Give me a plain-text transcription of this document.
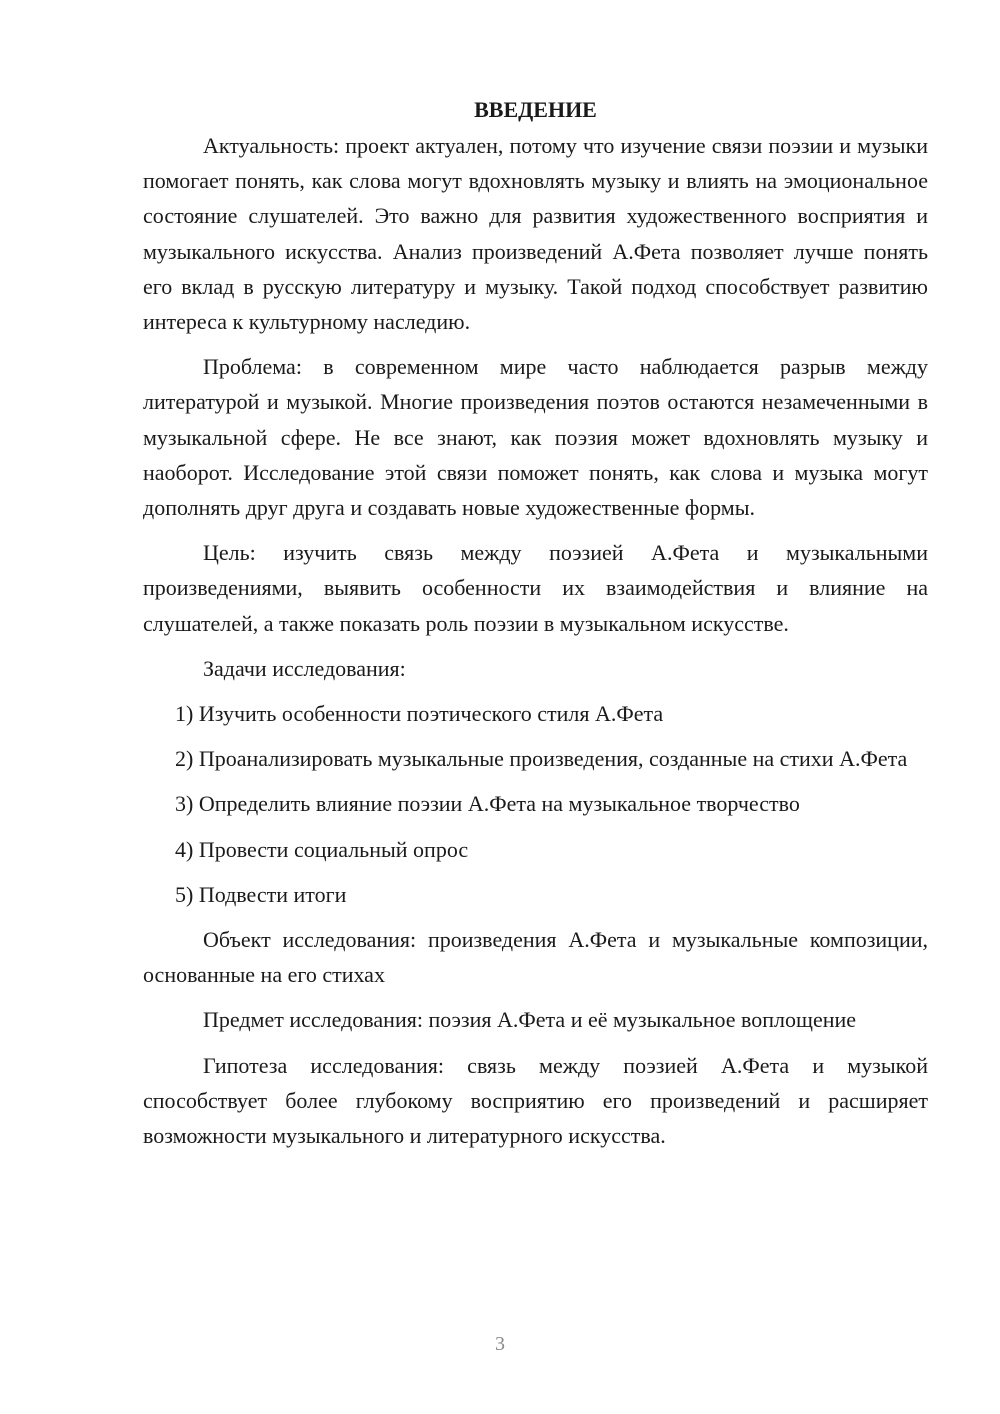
ВВЕДЕНИЕ

Актуальность: проект актуален, потому что изучение связи поэзии и музыки помогает понять, как слова могут вдохновлять музыку и влиять на эмоциональное состояние слушателей. Это важно для развития художественного восприятия и музыкального искусства. Анализ произведений А.Фета позволяет лучше понять его вклад в русскую литературу и музыку. Такой подход способствует развитию интереса к культурному наследию.

Проблема: в современном мире часто наблюдается разрыв между литературой и музыкой. Многие произведения поэтов остаются незамеченными в музыкальной сфере. Не все знают, как поэзия может вдохновлять музыку и наоборот. Исследование этой связи поможет понять, как слова и музыка могут дополнять друг друга и создавать новые художественные формы.

Цель: изучить связь между поэзией А.Фета и музыкальными произведениями, выявить особенности их взаимодействия и влияние на слушателей, а также показать роль поэзии в музыкальном искусстве.

Задачи исследования:

1) Изучить особенности поэтического стиля А.Фета

2) Проанализировать музыкальные произведения, созданные на стихи А.Фета

3) Определить влияние поэзии А.Фета на музыкальное творчество

4) Провести социальный опрос

5) Подвести итоги

Объект исследования: произведения А.Фета и музыкальные композиции, основанные на его стихах

Предмет исследования: поэзия А.Фета и её музыкальное воплощение

Гипотеза исследования: связь между поэзией А.Фета и музыкой способствует более глубокому восприятию его произведений и расширяет возможности музыкального и литературного искусства.

3
